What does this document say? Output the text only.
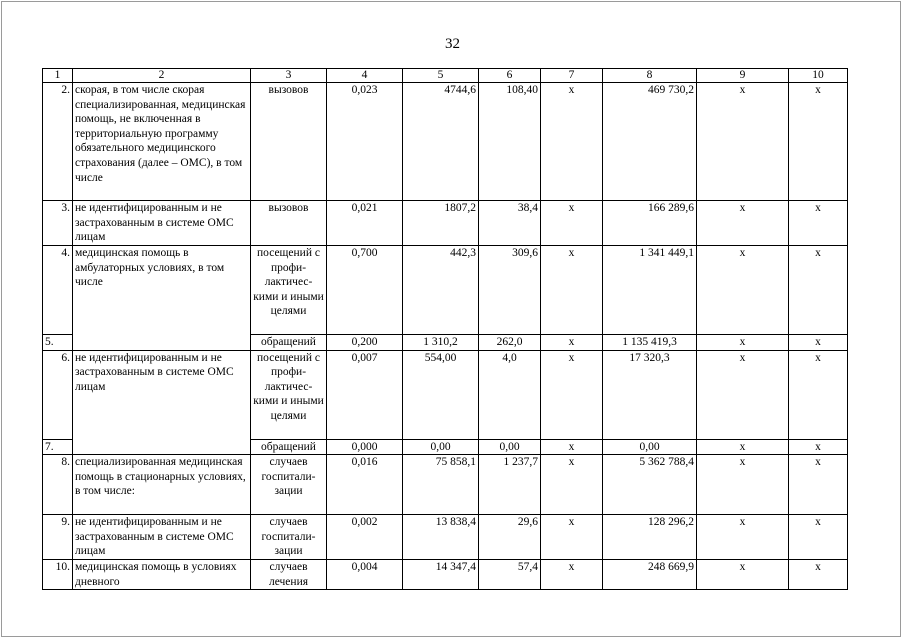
32
1	2	3	4	5	6	7	8	9	10
2.	скорая, в том числе скорая специализированная, медицинская помощь, не включенная в территориальную программу обязательного медицинского страхования (далее – ОМС), в том числе	вызовов	0,023	4744,6	108,40	x	469 730,2	x	x
3.	не идентифицированным и не застрахованным в системе ОМС лицам	вызовов	0,021	1807,2	38,4	x	166 289,6	x	x
4.	медицинская помощь в амбулаторных условиях, в том числе	посещений с профи-лактичес-кими и иными целями	0,700	442,3	309,6	x	1 341 449,1	x	x
5.		обращений	0,200	1 310,2	262,0	x	1 135 419,3	x	x
6.	не идентифицированным и не застрахованным в системе ОМС лицам	посещений с профи-лактичес-кими и иными целями	0,007	554,00	4,0	x	17 320,3	x	x
7.		обращений	0,000	0,00	0,00	x	0,00	x	x
8.	специализированная медицинская помощь в стационарных условиях, в том числе:	случаев госпитали-зации	0,016	75 858,1	1 237,7	x	5 362 788,4	x	x
9.	не идентифицированным и не застрахованным в системе ОМС лицам	случаев госпитали-зации	0,002	13 838,4	29,6	x	128 296,2	x	x
10.	медицинская помощь в условиях дневного	случаев лечения	0,004	14 347,4	57,4	x	248 669,9	x	x
